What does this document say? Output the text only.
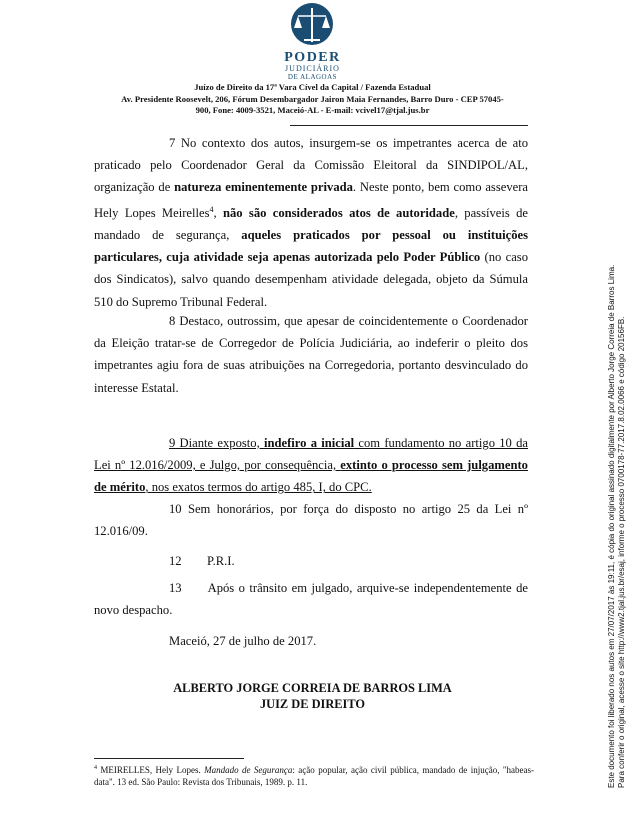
PODER
JUDICIÁRIO
DE ALAGOAS
Juízo de Direito da 17ª Vara Cível da Capital / Fazenda Estadual
Av. Presidente Roosevelt, 206, Fórum Desembargador Jairon Maia Fernandes, Barro Duro - CEP 57045-
900, Fone: 4009-3521, Maceió-AL - E-mail: vcivel17@tjal.jus.br

7 No contexto dos autos, insurgem-se os impetrantes acerca de ato praticado pelo Coordenador Geral da Comissão Eleitoral da SINDIPOL/AL, organização de natureza eminentemente privada. Neste ponto, bem como assevera Hely Lopes Meirelles$^4$, não são considerados atos de autoridade, passíveis de mandado de segurança, aqueles praticados por pessoal ou instituições particulares, cuja atividade seja apenas autorizada pelo Poder Público (no caso dos Sindicatos), salvo quando desempenham atividade delegada, objeto da Súmula 510 do Supremo Tribunal Federal.

8 Destaco, outrossim, que apesar de coincidentemente o Coordenador da Eleição tratar-se de Corregedor de Polícia Judiciária, ao indeferir o pleito dos impetrantes agiu fora de suas atribuições na Corregedoria, portanto desvinculado do interesse Estatal.

9 Diante exposto, indefiro a inicial com fundamento no artigo 10 da Lei nº 12.016/2009, e Julgo, por consequência, extinto o processo sem julgamento de mérito, nos exatos termos do artigo 485, I, do CPC.

10 Sem honorários, por força do disposto no artigo 25 da Lei nº 12.016/09.

12 P.R.I.

13 Após o trânsito em julgado, arquive-se independentemente de novo despacho.

Maceió, 27 de julho de 2017.
ALBERTO JORGE CORREIA DE BARROS LIMA
JUIZ DE DIREITO
$^4$ MEIRELLES, Hely Lopes. Mandado de Segurança: ação popular, ação civil pública, mandado de injução, "habeas-data". 13 ed. São Paulo: Revista dos Tribunais, 1989. p. 11.	Este documento foi liberado nos autos em 27/07/2017 às 19:11, é cópia do original assinado digitalmente por Alberto Jorge Correia de Barros Lima. Para conferir o original, acesse o site http://www2.tjal.jus.br/esaj, informe o processo 0700178-77.2017.8.02.0066 e código 20156FB.
